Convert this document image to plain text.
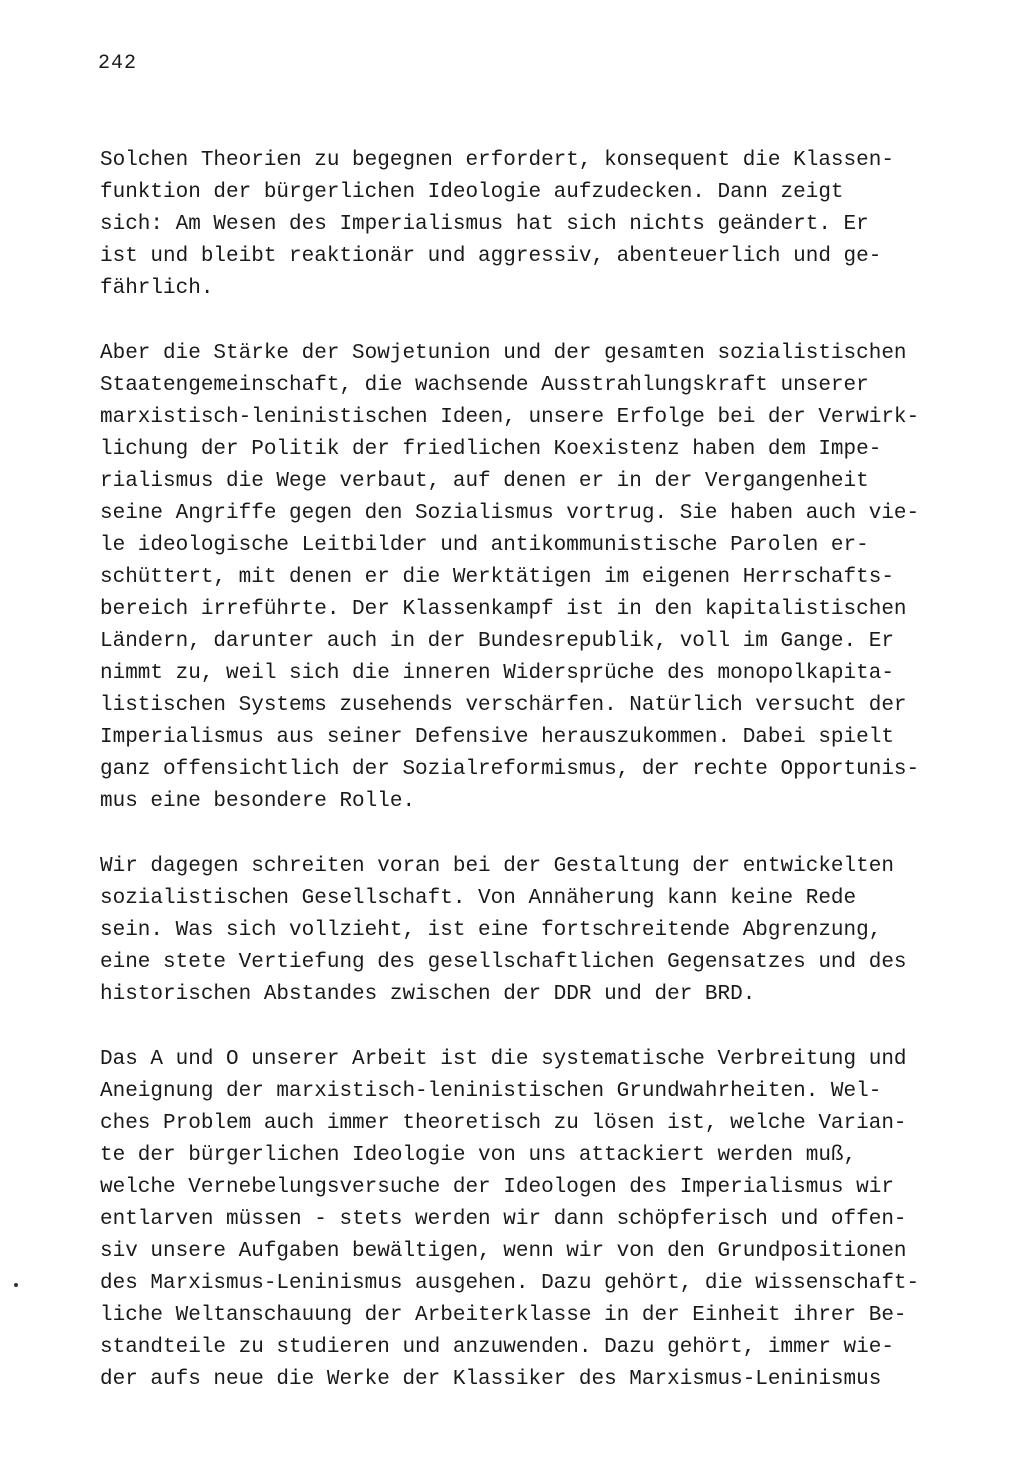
242
Solchen Theorien zu begegnen erfordert, konsequent die Klassen-
funktion der bürgerlichen Ideologie aufzudecken. Dann zeigt
sich: Am Wesen des Imperialismus hat sich nichts geändert. Er
ist und bleibt reaktionär und aggressiv, abenteuerlich und ge-
fährlich.
Aber die Stärke der Sowjetunion und der gesamten sozialistischen
Staatengemeinschaft, die wachsende Ausstrahlungskraft unserer
marxistisch-leninistischen Ideen, unsere Erfolge bei der Verwirk-
lichung der Politik der friedlichen Koexistenz haben dem Impe-
rialismus die Wege verbaut, auf denen er in der Vergangenheit
seine Angriffe gegen den Sozialismus vortrug. Sie haben auch vie-
le ideologische Leitbilder und antikommunistische Parolen er-
schüttert, mit denen er die Werktätigen im eigenen Herrschafts-
bereich irreführte. Der Klassenkampf ist in den kapitalistischen
Ländern, darunter auch in der Bundesrepublik, voll im Gange. Er
nimmt zu, weil sich die inneren Widersprüche des monopolkapita-
listischen Systems zusehends verschärfen. Natürlich versucht der
Imperialismus aus seiner Defensive herauszukommen. Dabei spielt
ganz offensichtlich der Sozialreformismus, der rechte Opportunis-
mus eine besondere Rolle.
Wir dagegen schreiten voran bei der Gestaltung der entwickelten
sozialistischen Gesellschaft. Von Annäherung kann keine Rede
sein. Was sich vollzieht, ist eine fortschreitende Abgrenzung,
eine stete Vertiefung des gesellschaftlichen Gegensatzes und des
historischen Abstandes zwischen der DDR und der BRD.
Das A und O unserer Arbeit ist die systematische Verbreitung und
Aneignung der marxistisch-leninistischen Grundwahrheiten. Wel-
ches Problem auch immer theoretisch zu lösen ist, welche Varian-
te der bürgerlichen Ideologie von uns attackiert werden muß,
welche Vernebelungsversuche der Ideologen des Imperialismus wir
entlarven müssen - stets werden wir dann schöpferisch und offen-
siv unsere Aufgaben bewältigen, wenn wir von den Grundpositionen
des Marxismus-Leninismus ausgehen. Dazu gehört, die wissenschaft-
liche Weltanschauung der Arbeiterklasse in der Einheit ihrer Be-
standteile zu studieren und anzuwenden. Dazu gehört, immer wie-
der aufs neue die Werke der Klassiker des Marxismus-Leninismus
